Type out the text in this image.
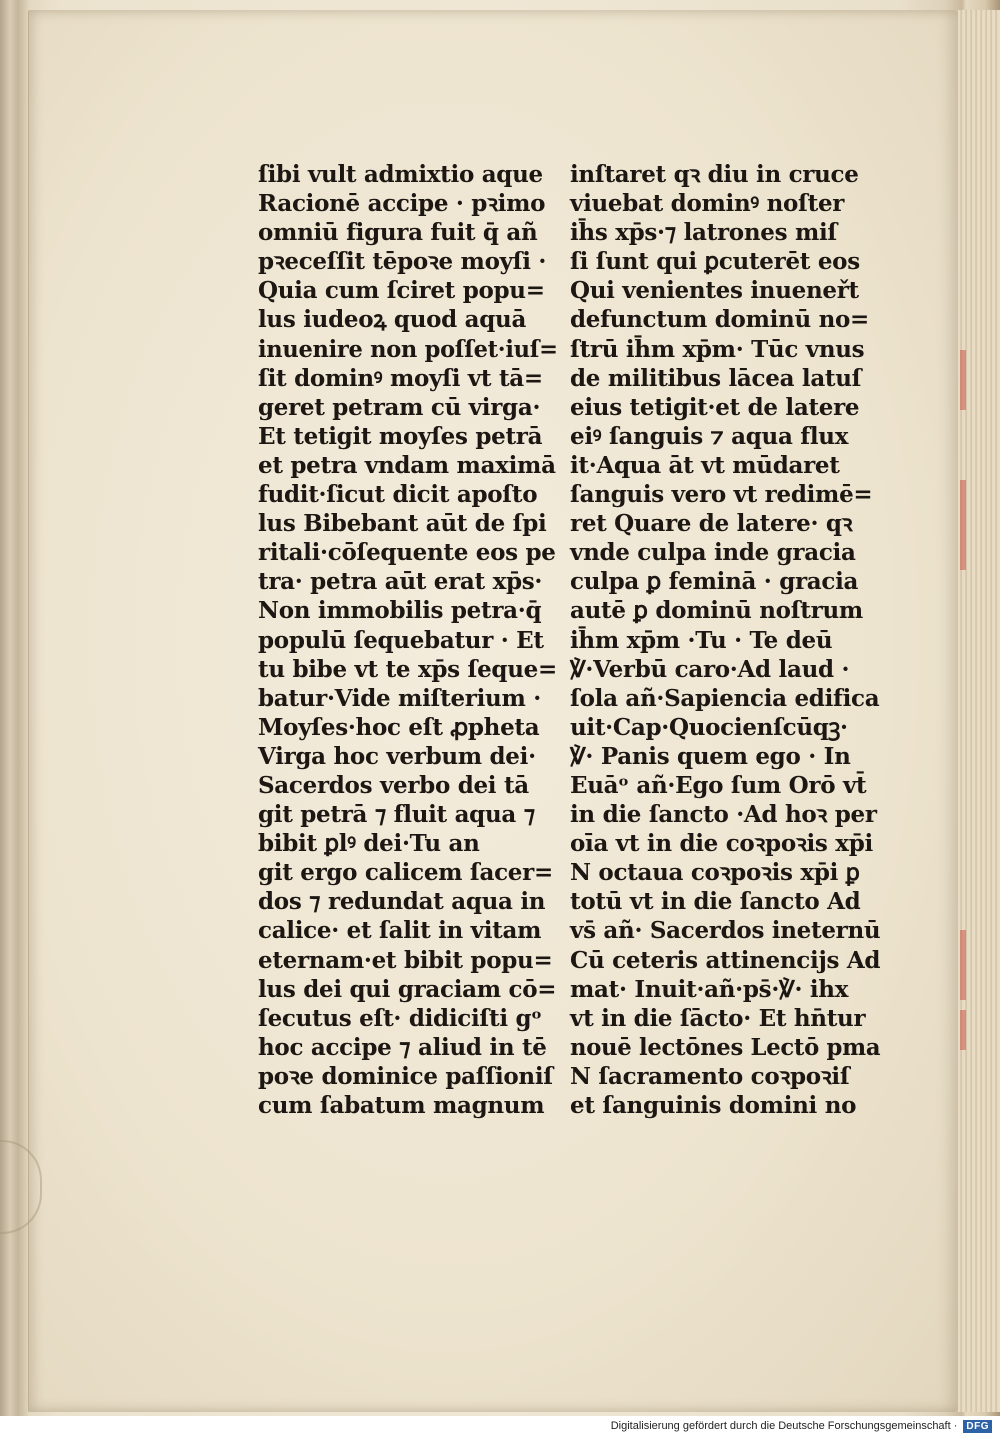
ſibi vult admixtio aque
Racionē accipe · pꝛimo
omniū figura fuit q̄ añ
pꝛeceſſit tēpoꝛe moyſi ·
Quia cum ſciret popu=
lus iudeoꝝ quod aquā
inuenire non poſſet·iuſ=
ſit dominꝰ moyſi vt tā=
geret petram cū virga·
Et tetigit moyſes petrā
et petra vndam maximā
fudit·ſicut dicit apoſto
lus Bibebant aūt de ſpi
ritali·cōſequente eos pe
tra· petra aūt erat xp̄s·
Non immobilis petra·q̄
populū ſequebatur · Et
tu bibe vt te xp̄s ſeque=
batur·Vide miſterium ·
Moyſes·hoc eſt ꝓpheta
Virga hoc verbum dei·
Sacerdos verbo dei tā
git petrā ⁊ fluit aqua ⁊
bibit ꝑlꝰ dei·Tu an
git ergo calicem ſacer=
dos ⁊ redundat aqua in
calice· et ſalit in vitam
eternam·et bibit popu=
lus dei qui graciam cō=
ſecutus eſt· didiciſti gᵒ
hoc accipe ⁊ aliud in tē
poꝛe dominice paſſioniſ
cum ſabatum magnum
inſtaret qꝛ diu in cruce
viuebat dominꝰ noſter
ih̄s xp̄s·⁊ latrones miſ
ſi ſunt qui ꝑcuterēt eos
Qui venientes inueneřt
defunctum dominū no=
ſtrū ih̄m xp̄m· Tūc vnus
de militibus lācea latuſ
eius tetigit·et de latere
eiꝰ ſanguis ⁊ aqua flux
it·Aqua āt vt mūdaret
ſanguis vero vt redimē=
ret Quare de latere· qꝛ
vnde culpa inde gracia
culpa ꝑ feminā · gracia
autē ꝑ dominū noſtrum
ih̄m xp̄m ·Tu · Te deū
℣·Verbū caro·Ad laud ·
ſola añ·Sapiencia edifica
uit·Cap·Quocienſcūqꝫ·
℣· Panis quem ego · In
Euāᵒ añ·Ego ſum Orō vt̄
in die ſancto ·Ad hoꝛ per
oīa vt in die coꝛpoꝛis xp̄i
N octaua coꝛpoꝛis xp̄i ꝑ
totū vt in die ſancto Ad
vs̄ añ· Sacerdos ineternū
Cū ceteris attinencijs Ad
mat· Inuit·añ·ps̄·℣· ihx
vt in die ſācto· Et hn̄tur
nouē lectōnes Lectō pma
N ſacramento coꝛpoꝛiſ
et ſanguinis domini no
Digitalisierung gefördert durch die Deutsche Forschungsgemeinschaft · DFG
